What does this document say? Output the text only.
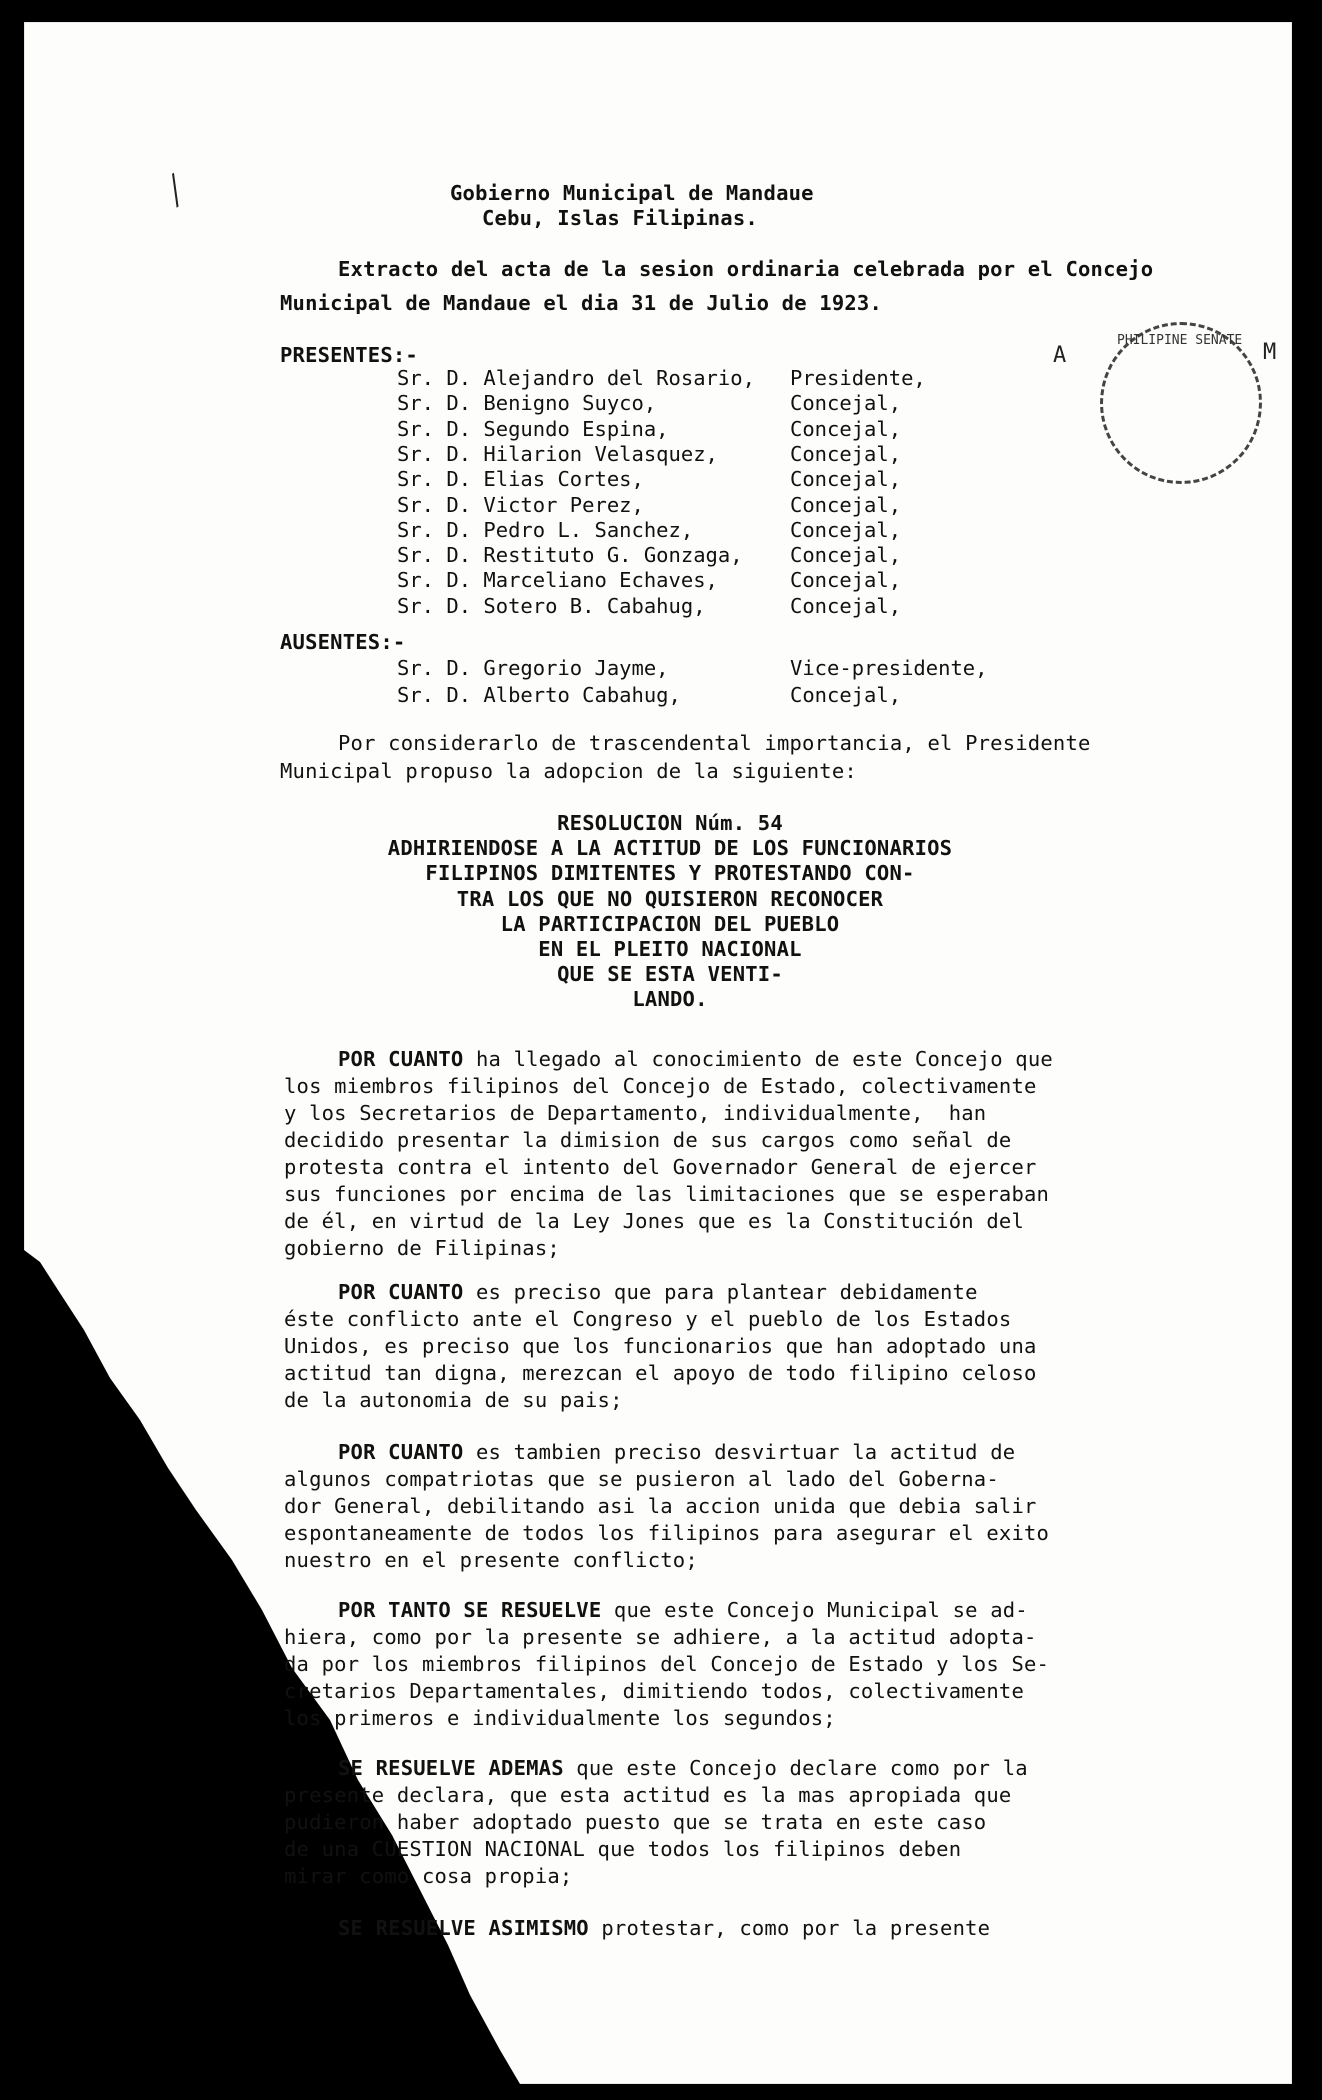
Gobierno Municipal de Mandaue
Cebu, Islas Filipinas.
Extracto del acta de la sesion ordinaria celebrada por el Concejo
Municipal de Mandaue el dia 31 de Julio de 1923.
PRESENTES:-
Sr. D. Alejandro del Rosario, Presidente,
Sr. D. Benigno Suyco,	Concejal,
Sr. D. Segundo Espina,	Concejal,
Sr. D. Hilarion Velasquez,	Concejal,
Sr. D. Elias Cortes,	Concejal,
Sr. D. Victor Perez,	Concejal,
Sr. D. Pedro L. Sanchez,	Concejal,
Sr. D. Restituto G. Gonzaga, Concejal,
Sr. D. Marceliano Echaves,	Concejal,
Sr. D. Sotero B. Cabahug,	Concejal,
AUSENTES:-
Sr. D. Gregorio Jayme,	Vice-presidente,
Sr. D. Alberto Cabahug,	Concejal,
Por considerarlo de trascendental importancia, el Presidente
Municipal propuso la adopcion de la siguiente:
RESOLUCION Núm. 54
ADHIRIENDOSE A LA ACTITUD DE LOS FUNCIONARIOS
FILIPINOS DIMITENTES Y PROTESTANDO CON-
TRA LOS QUE NO QUISIERON RECONOCER
LA PARTICIPACION DEL PUEBLO
EN EL PLEITO NACIONAL
QUE SE ESTA VENTI-
LANDO.
POR CUANTO ha llegado al conocimiento de este Concejo que
los miembros filipinos del Concejo de Estado, colectivamente
y los Secretarios de Departamento, individualmente,  han
decidido presentar la dimision de sus cargos como señal de
protesta contra el intento del Governador General de ejercer
sus funciones por encima de las limitaciones que se esperaban
de él, en virtud de la Ley Jones que es la Constitución del
gobierno de Filipinas;
POR CUANTO es preciso que para plantear debidamente
éste conflicto ante el Congreso y el pueblo de los Estados
Unidos, es preciso que los funcionarios que han adoptado una
actitud tan digna, merezcan el apoyo de todo filipino celoso
de la autonomia de su pais;
POR CUANTO es tambien preciso desvirtuar la actitud de
algunos compatriotas que se pusieron al lado del Goberna-
dor General, debilitando asi la accion unida que debia salir
espontaneamente de todos los filipinos para asegurar el exito
nuestro en el presente conflicto;
POR TANTO SE RESUELVE que este Concejo Municipal se ad-
hiera, como por la presente se adhiere, a la actitud adopta-
da por los miembros filipinos del Concejo de Estado y los Se-
cretarios Departamentales, dimitiendo todos, colectivamente
los primeros e individualmente los segundos;
SE RESUELVE ADEMAS que este Concejo declare como por la
presente declara, que esta actitud es la mas apropiada que
pudieron haber adoptado puesto que se trata en este caso
de una CUESTION NACIONAL que todos los filipinos deben
mirar como cosa propia;
SE RESUELVE ASIMISMO protestar, como por la presente
A	M
PHILIPINE SENATE
╱
